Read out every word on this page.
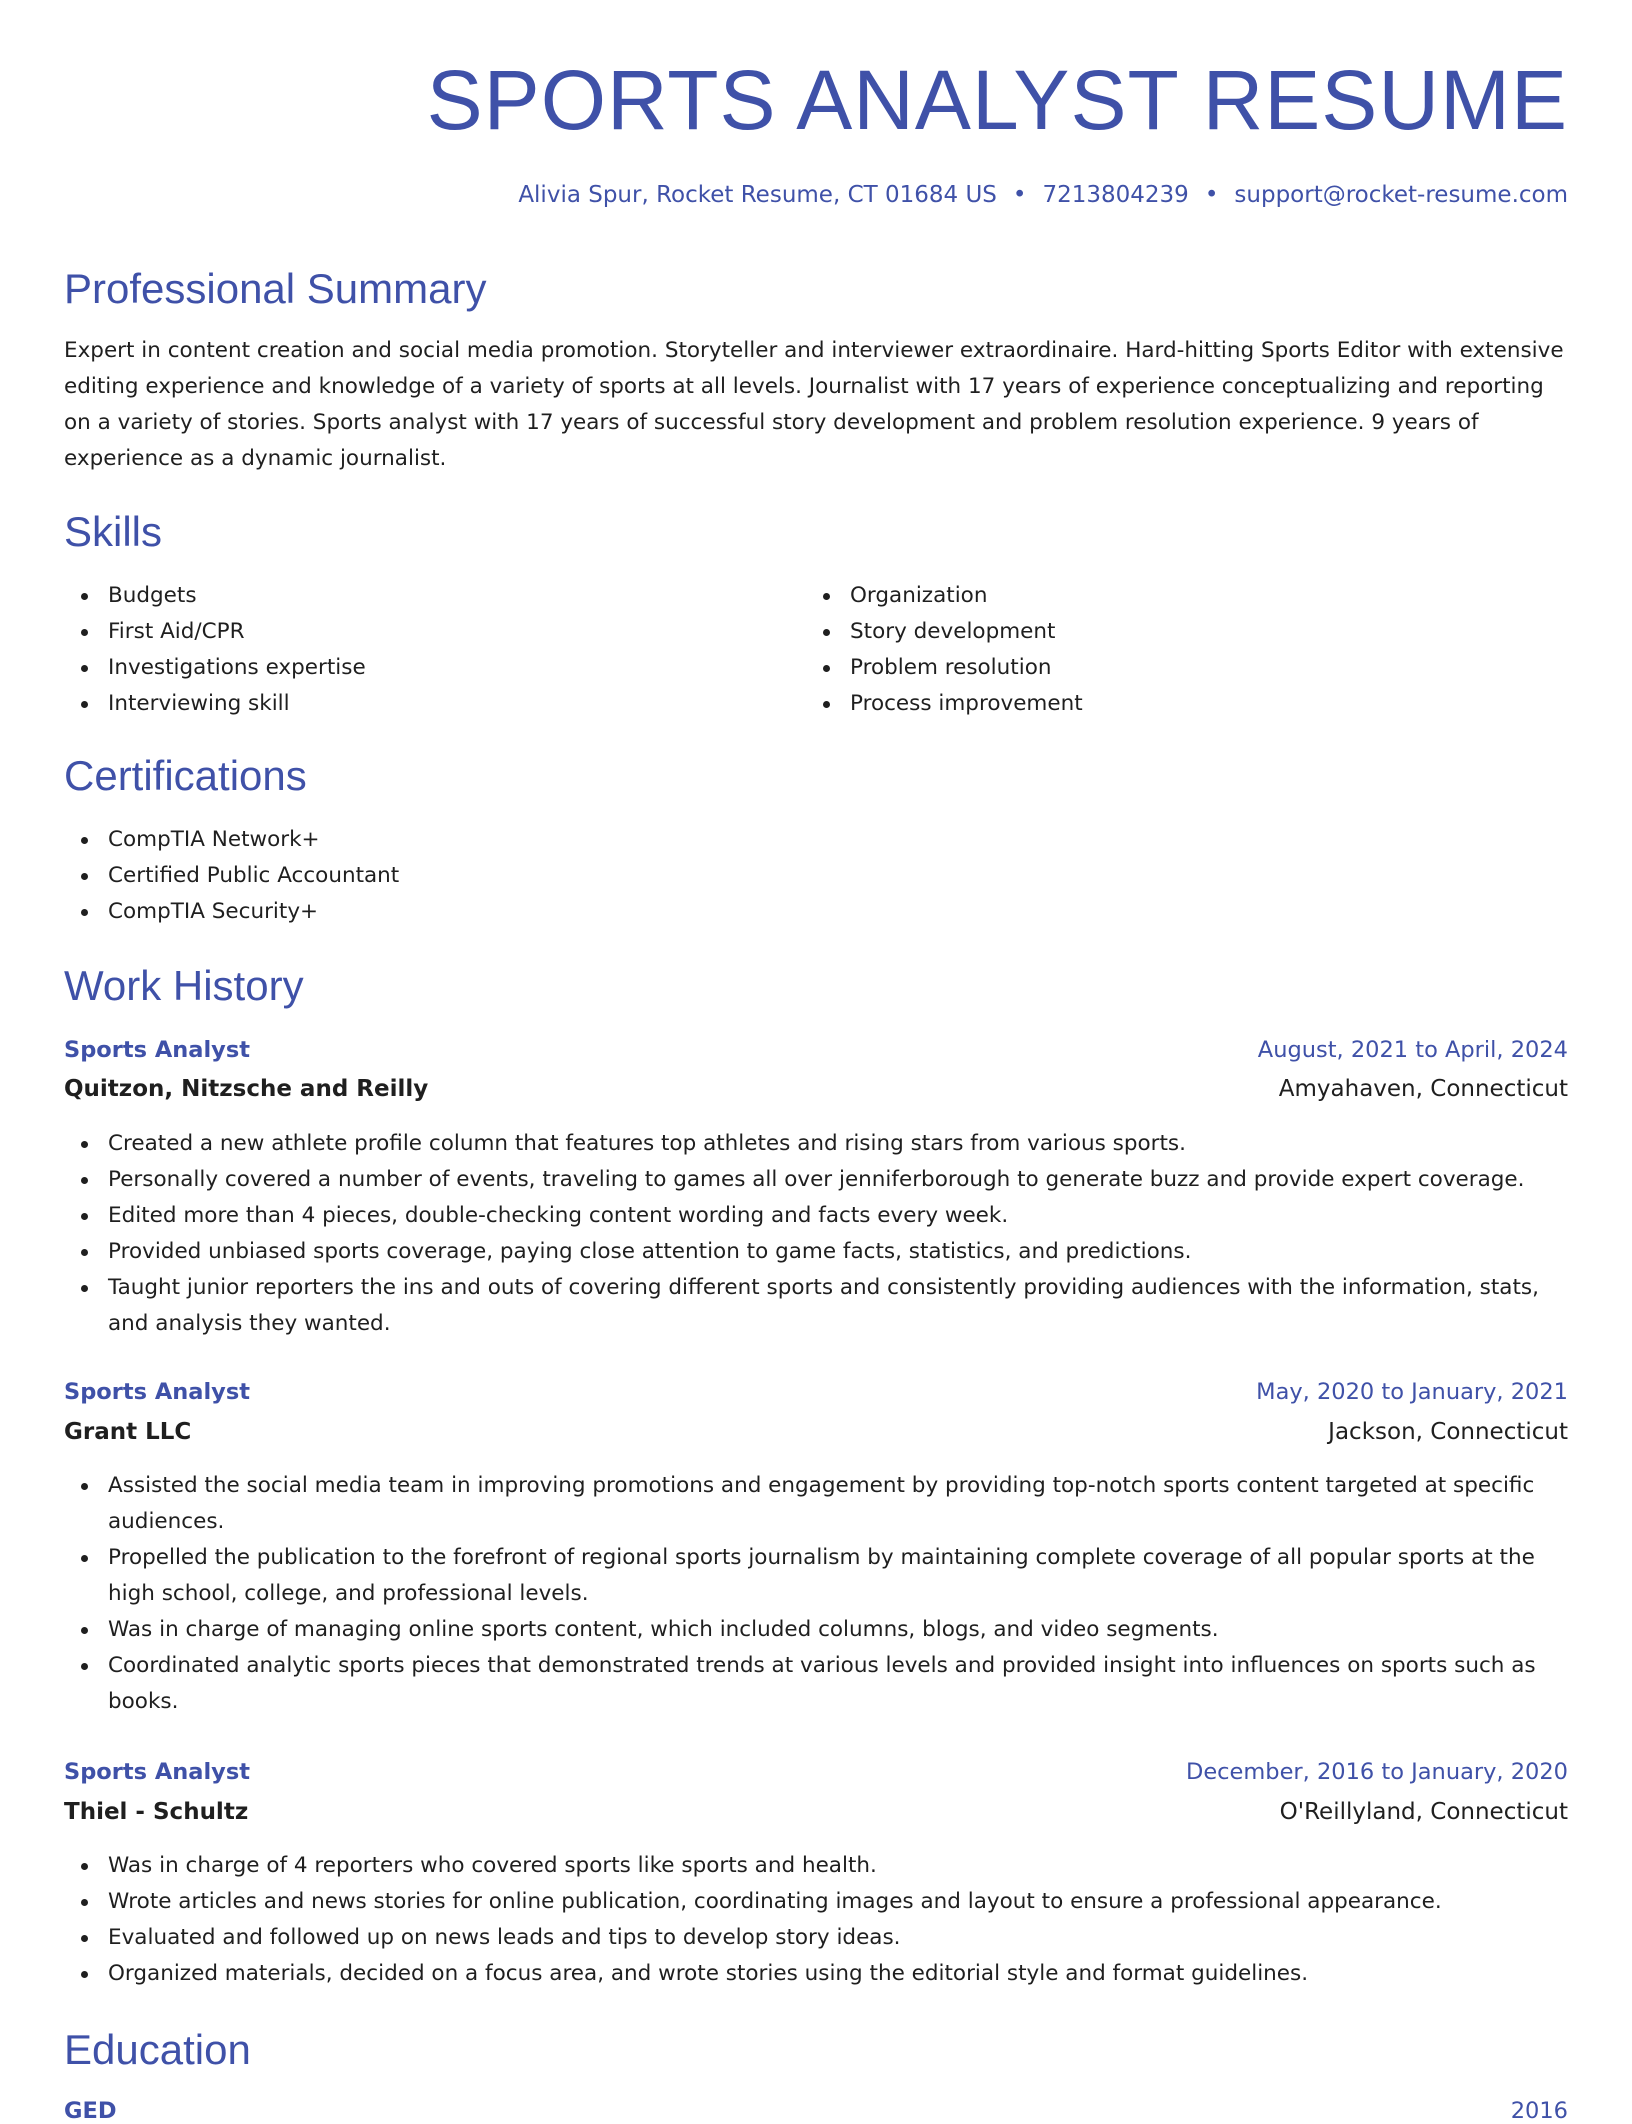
SPORTS ANALYST RESUME
Alivia Spur, Rocket Resume, CT 01684 US • 7213804239 • support@rocket-resume.com
Professional Summary

Expert in content creation and social media promotion. Storyteller and interviewer extraordinaire. Hard-hitting Sports Editor with extensive editing experience and knowledge of a variety of sports at all levels. Journalist with 17 years of experience conceptualizing and reporting on a variety of stories. Sports analyst with 17 years of successful story development and problem resolution experience. 9 years of experience as a dynamic journalist.

Skills
Budgets
First Aid/CPR
Investigations expertise
Interviewing skill
Organization
Story development
Problem resolution
Process improvement
Certifications
CompTIA Network+
Certified Public Accountant
CompTIA Security+
Work History
Sports Analyst	August, 2021 to April, 2024
Quitzon, Nitzsche and Reilly	Amyahaven, Connecticut
Created a new athlete profile column that features top athletes and rising stars from various sports.
Personally covered a number of events, traveling to games all over jenniferborough to generate buzz and provide expert coverage.
Edited more than 4 pieces, double-checking content wording and facts every week.
Provided unbiased sports coverage, paying close attention to game facts, statistics, and predictions.
Taught junior reporters the ins and outs of covering different sports and consistently providing audiences with the information, stats, and analysis they wanted.
Sports Analyst	May, 2020 to January, 2021
Grant LLC	Jackson, Connecticut
Assisted the social media team in improving promotions and engagement by providing top-notch sports content targeted at specific audiences.
Propelled the publication to the forefront of regional sports journalism by maintaining complete coverage of all popular sports at the high school, college, and professional levels.
Was in charge of managing online sports content, which included columns, blogs, and video segments.
Coordinated analytic sports pieces that demonstrated trends at various levels and provided insight into influences on sports such as books.
Sports Analyst	December, 2016 to January, 2020
Thiel - Schultz	O'Reillyland, Connecticut
Was in charge of 4 reporters who covered sports like sports and health.
Wrote articles and news stories for online publication, coordinating images and layout to ensure a professional appearance.
Evaluated and followed up on news leads and tips to develop story ideas.
Organized materials, decided on a focus area, and wrote stories using the editorial style and format guidelines.
Education
GED	2016
